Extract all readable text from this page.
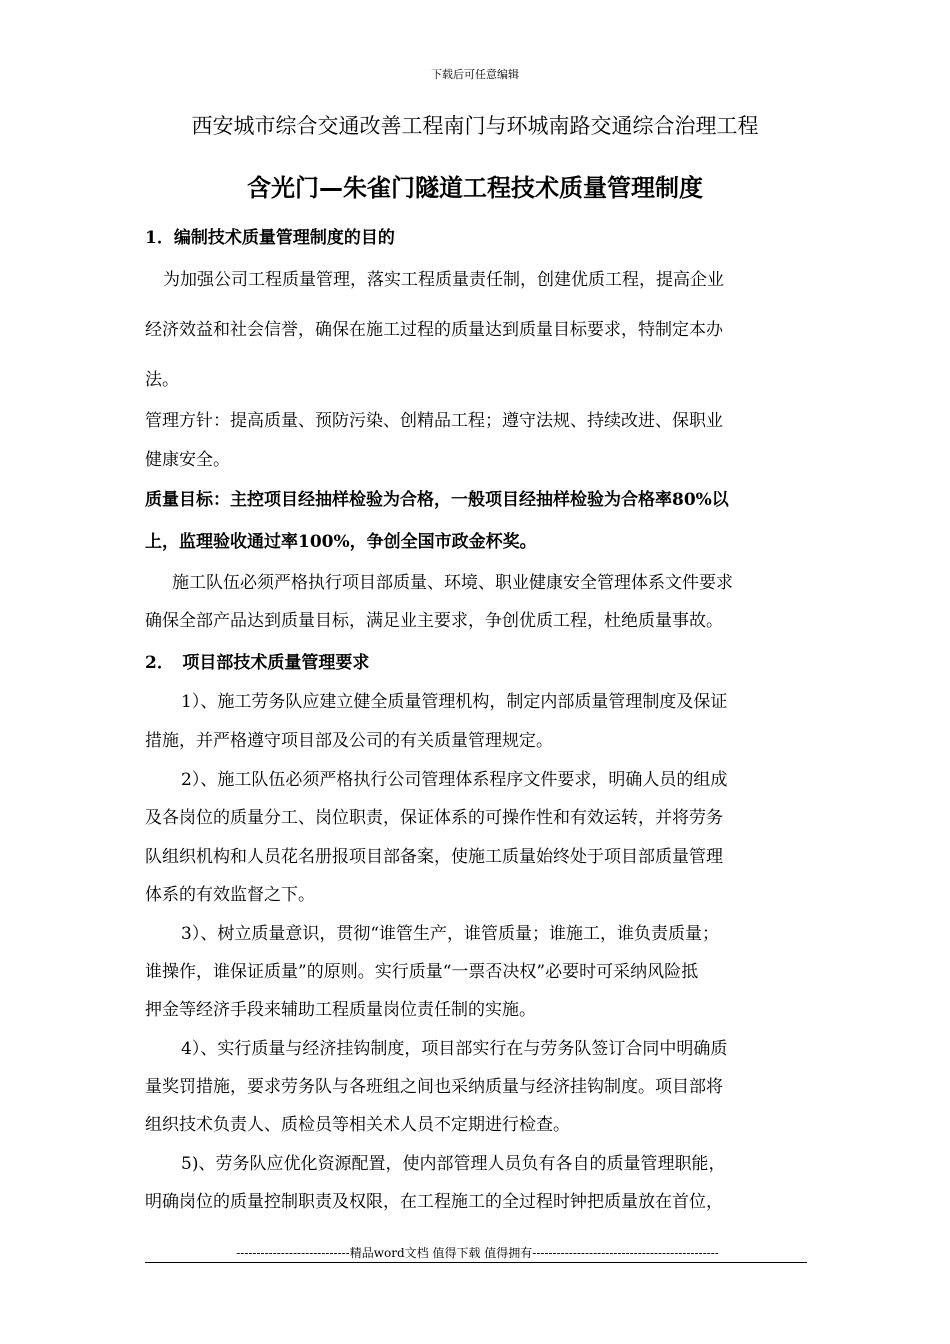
下载后可任意编辑
西安城市综合交通改善工程南门与环城南路交通综合治理工程
含光门—朱雀门隧道工程技术质量管理制度
1．编制技术质量管理制度的目的
为加强公司工程质量管理，落实工程质量责任制，创建优质工程，提高企业
经济效益和社会信誉，确保在施工过程的质量达到质量目标要求，特制定本办
法。
管理方针：提高质量、预防污染、创精品工程；遵守法规、持续改进、保职业
健康安全。
质量目标：主控项目经抽样检验为合格，一般项目经抽样检验为合格率80%以
上，监理验收通过率100%，争创全国市政金杯奖。
施工队伍必须严格执行项目部质量、环境、职业健康安全管理体系文件要求
确保全部产品达到质量目标，满足业主要求，争创优质工程，杜绝质量事故。
2．　项目部技术质量管理要求
1）、施工劳务队应建立健全质量管理机构，制定内部质量管理制度及保证
措施，并严格遵守项目部及公司的有关质量管理规定。
2）、施工队伍必须严格执行公司管理体系程序文件要求，明确人员的组成
及各岗位的质量分工、岗位职责，保证体系的可操作性和有效运转，并将劳务
队组织机构和人员花名册报项目部备案，使施工质量始终处于项目部质量管理
体系的有效监督之下。
3）、树立质量意识，贯彻“谁管生产，谁管质量；谁施工，谁负责质量；
谁操作，谁保证质量”的原则。实行质量“一票否决权”必要时可采纳风险抵
押金等经济手段来辅助工程质量岗位责任制的实施。
4）、实行质量与经济挂钩制度，项目部实行在与劳务队签订合同中明确质
量奖罚措施，要求劳务队与各班组之间也采纳质量与经济挂钩制度。项目部将
组织技术负责人、质检员等相关术人员不定期进行检查。
5)、劳务队应优化资源配置，使内部管理人员负有各自的质量管理职能，
明确岗位的质量控制职责及权限，在工程施工的全过程时钟把质量放在首位，
----------------------------精品word文档 值得下载 值得拥有----------------------------------------------
